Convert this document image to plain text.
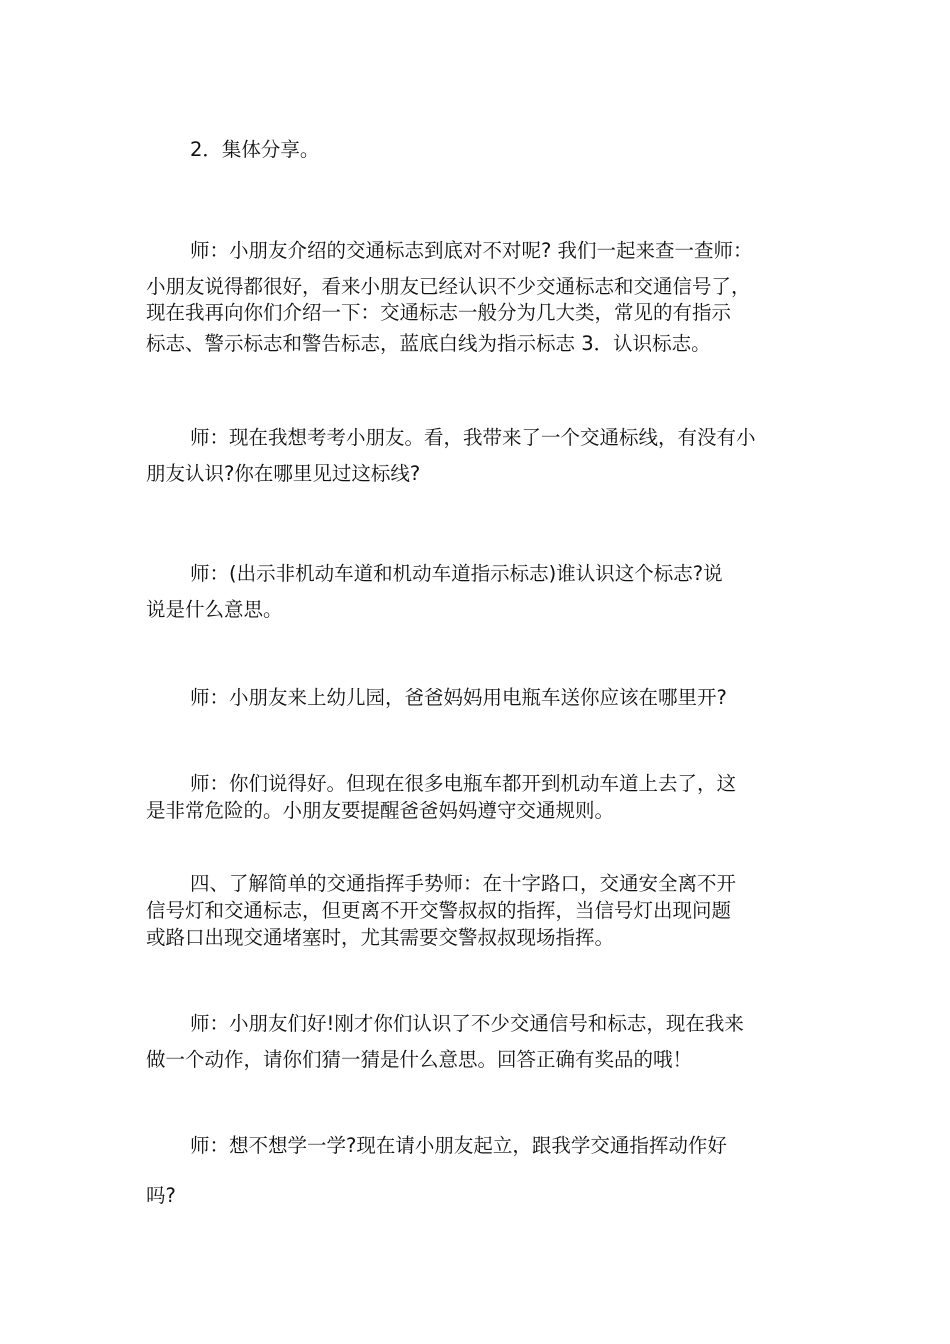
2．集体分享。
师：小朋友介绍的交通标志到底对不对呢? 我们一起来查一查师：
小朋友说得都很好，看来小朋友已经认识不少交通标志和交通信号了，
现在我再向你们介绍一下：交通标志一般分为几大类，常见的有指示
标志、警示标志和警告标志，蓝底白线为指示标志 3．认识标志。
师：现在我想考考小朋友。看，我带来了一个交通标线，有没有小
朋友认识?你在哪里见过这标线?
师：(出示非机动车道和机动车道指示标志)谁认识这个标志?说
说是什么意思。
师：小朋友来上幼儿园，爸爸妈妈用电瓶车送你应该在哪里开?
师：你们说得好。但现在很多电瓶车都开到机动车道上去了，这
是非常危险的。小朋友要提醒爸爸妈妈遵守交通规则。
四、了解简单的交通指挥手势师：在十字路口，交通安全离不开
信号灯和交通标志，但更离不开交警叔叔的指挥，当信号灯出现问题
或路口出现交通堵塞时，尤其需要交警叔叔现场指挥。
师：小朋友们好!刚才你们认识了不少交通信号和标志，现在我来
做一个动作，请你们猜一猜是什么意思。回答正确有奖品的哦！
师：想不想学一学?现在请小朋友起立，跟我学交通指挥动作好
吗?
